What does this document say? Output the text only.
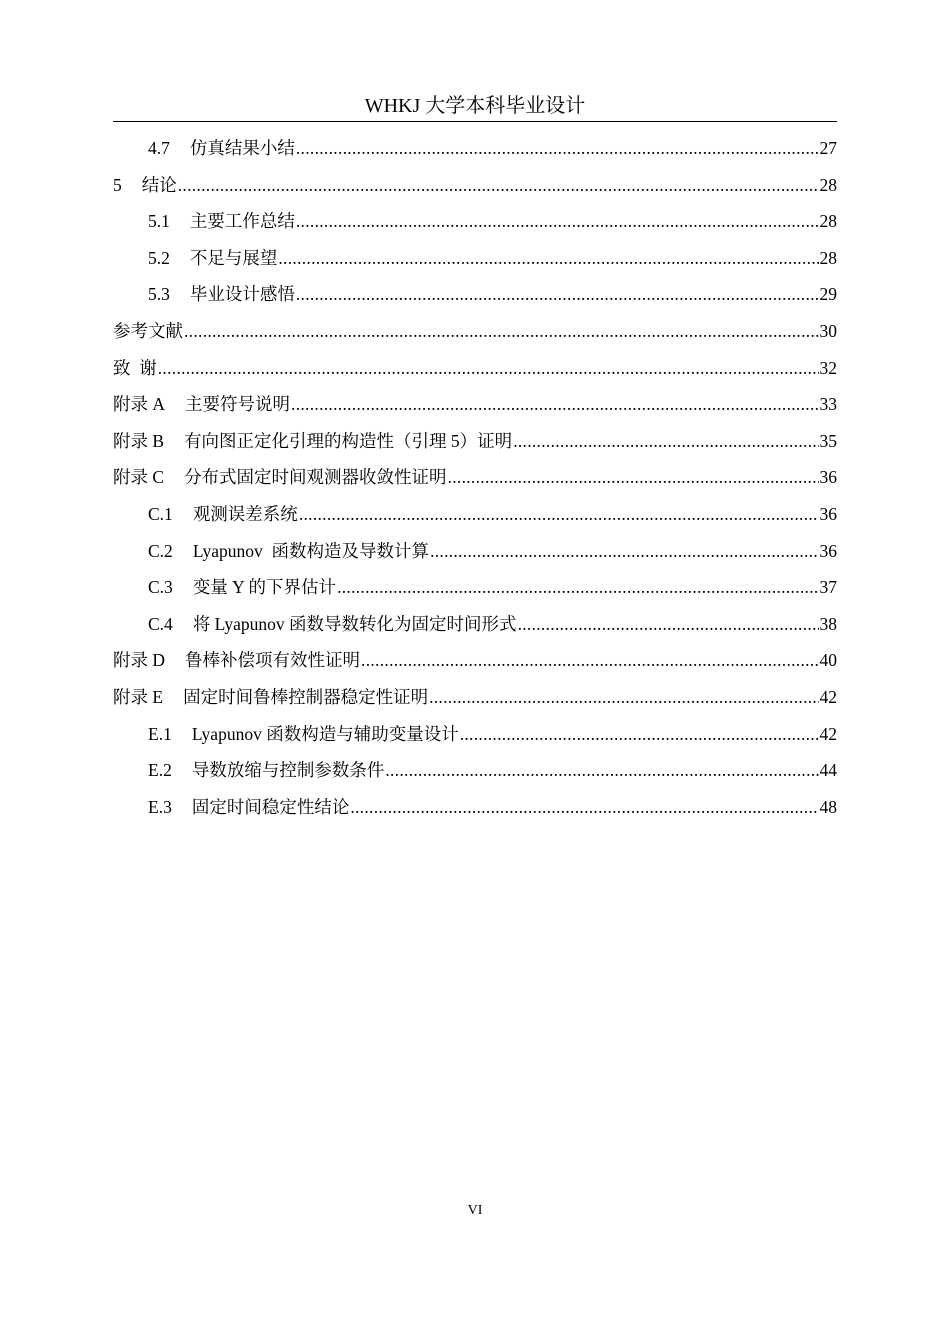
WHKJ 大学本科毕业设计
4.7 仿真结果小结 .....	27
5 结论 .....	28
5.1 主要工作总结 .....	28
5.2 不足与展望 .....	28
5.3 毕业设计感悟 .....	29
参考文献 .....	30
致  谢 .....	32
附录 A 主要符号说明 .....	33
附录 B 有向图正定化引理的构造性（引理 5）证明 .....	35
附录 C 分布式固定时间观测器收敛性证明 .....	36
C.1 观测误差系统 .....	36
C.2 Lyapunov  函数构造及导数计算 .....	36
C.3 变量 Y 的下界估计 .....	37
C.4 将 Lyapunov 函数导数转化为固定时间形式 .....	38
附录 D 鲁棒补偿项有效性证明 .....	40
附录 E 固定时间鲁棒控制器稳定性证明 .....	42
E.1 Lyapunov 函数构造与辅助变量设计 .....	42
E.2 导数放缩与控制参数条件 .....	44
E.3 固定时间稳定性结论 .....	48
VI
